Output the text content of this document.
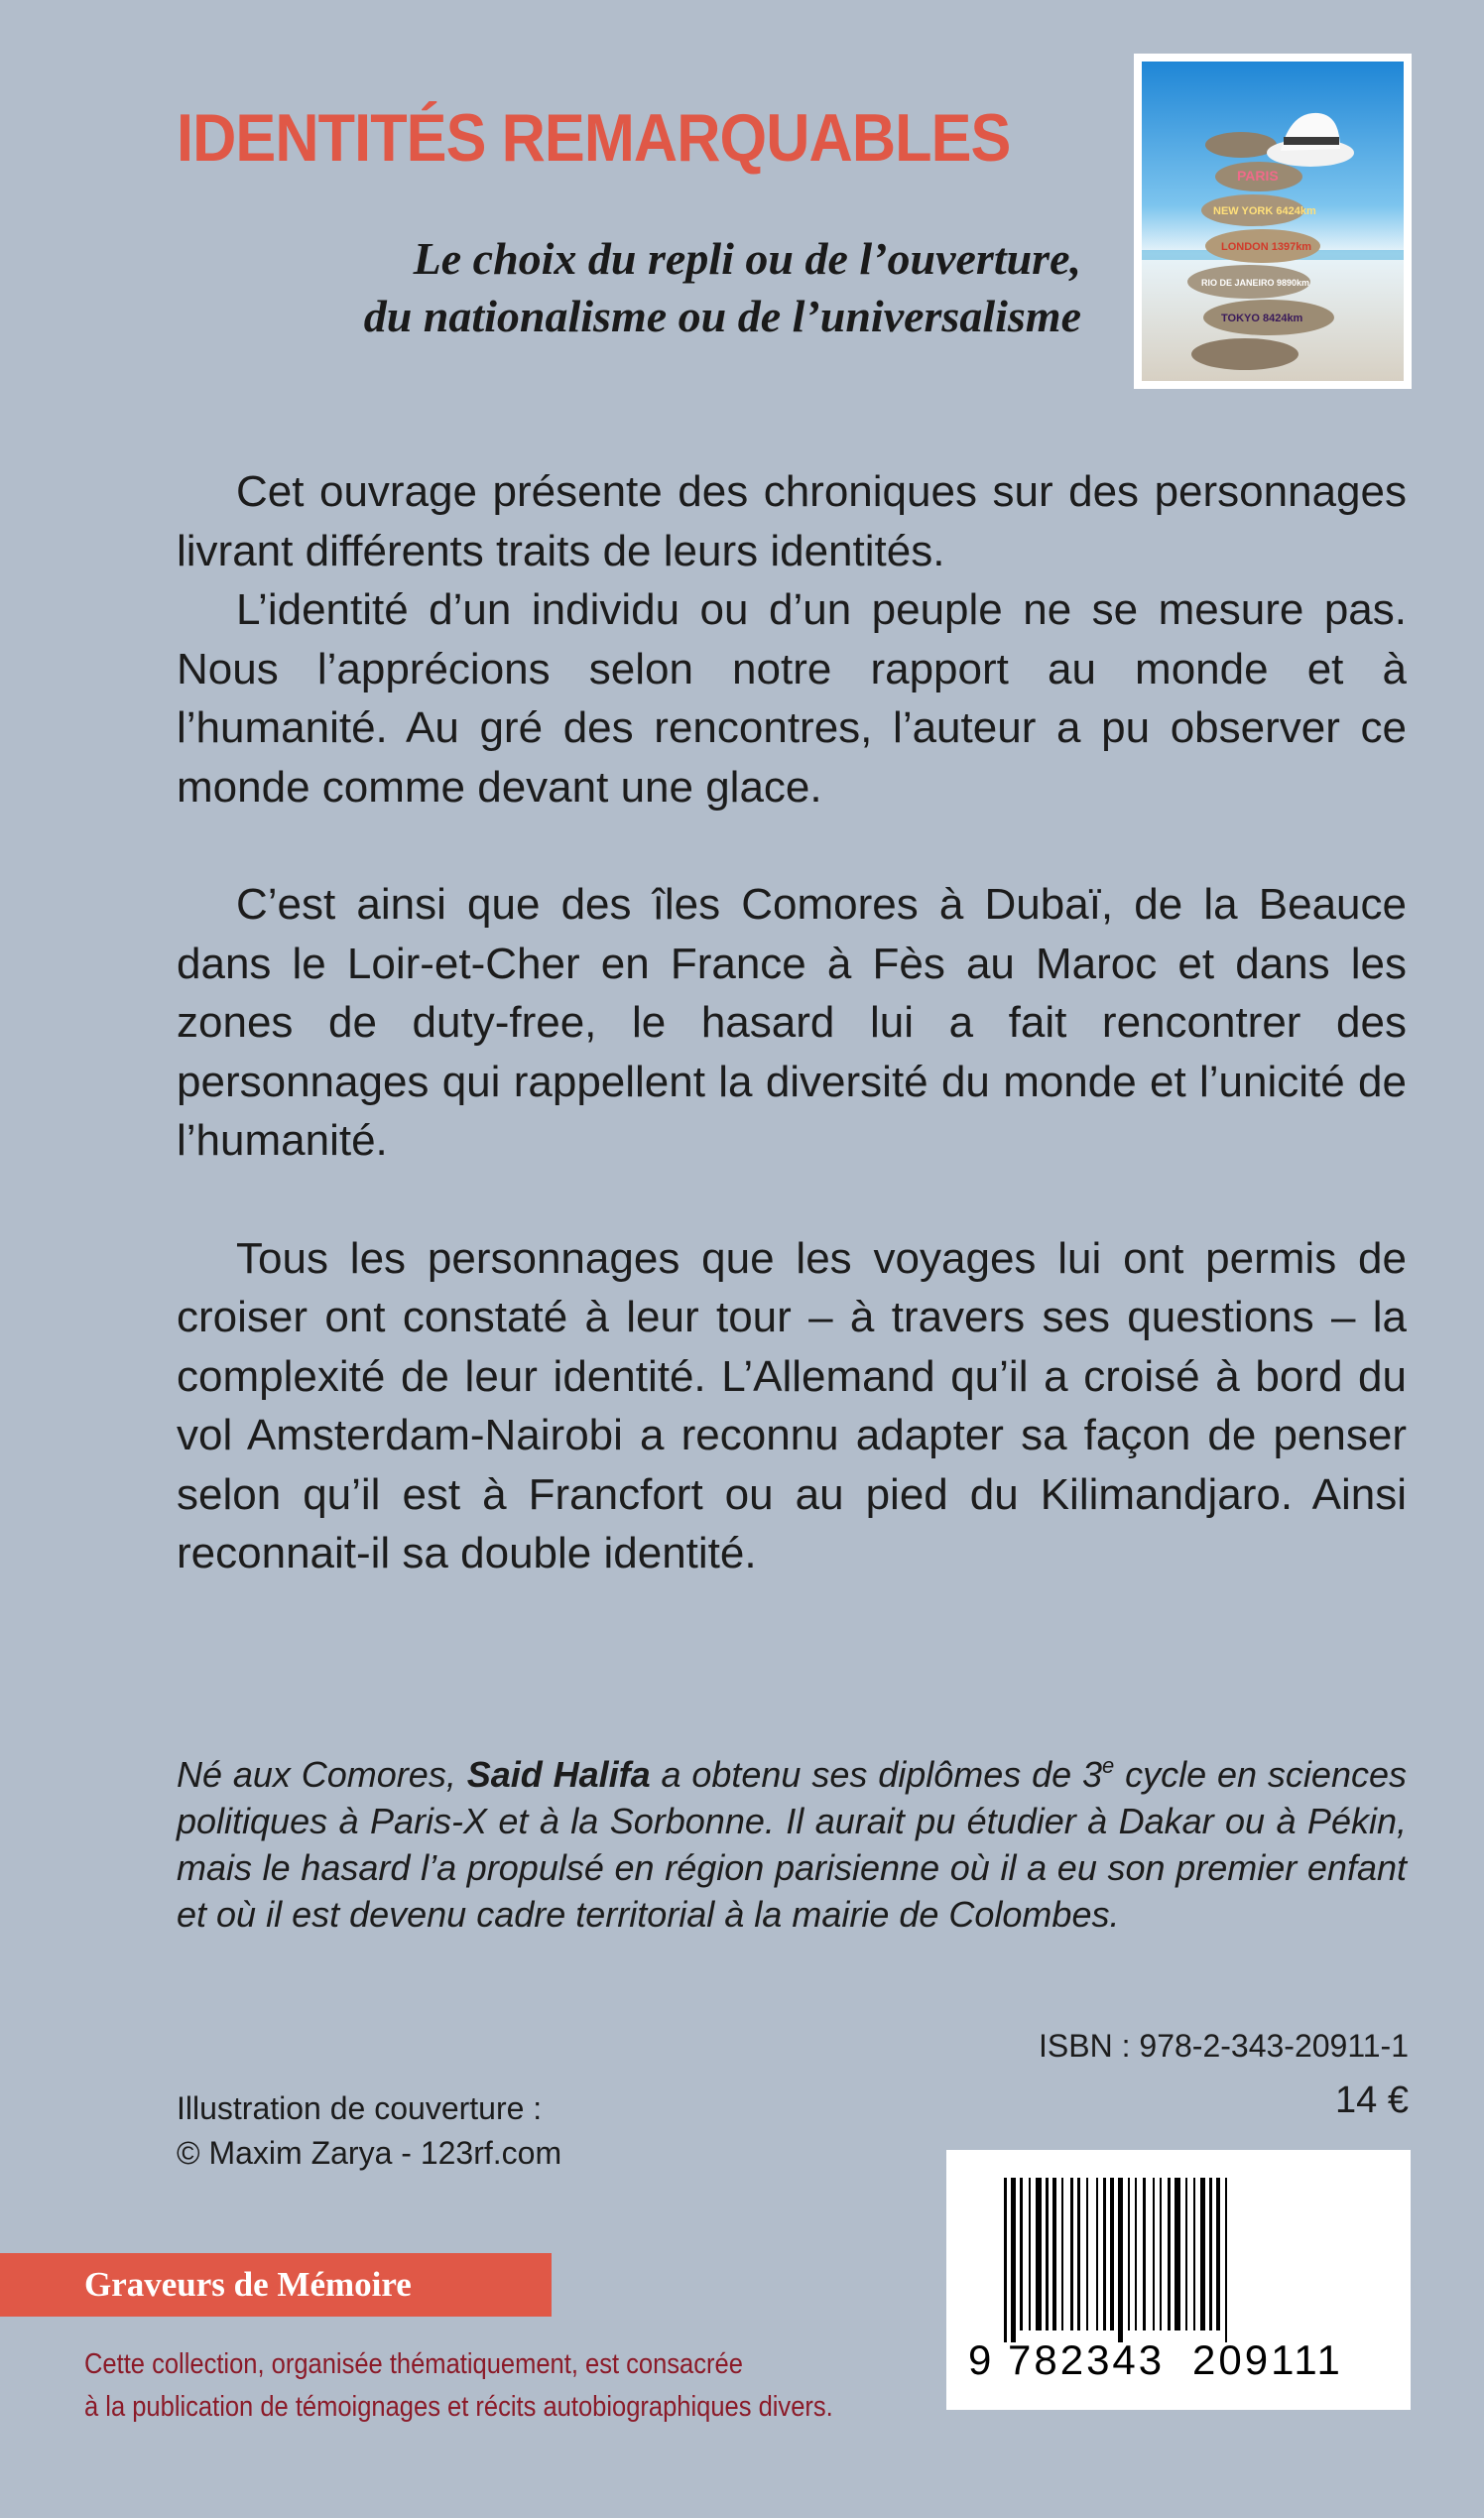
IDENTITÉS REMARQUABLES
Le choix du repli ou de l’ouverture,
du nationalisme ou de l’universalisme
PARIS
NEW YORK 6424km
LONDON 1397km
RIO DE JANEIRO 9890km
TOKYO 8424km

Cet ouvrage présente des chroniques sur des personnages livrant différents traits de leurs identités.

L’identité d’un individu ou d’un peuple ne se mesure pas. Nous l’apprécions selon notre rapport au monde et à l’humanité. Au gré des rencontres, l’auteur a pu observer ce monde comme devant une glace.

C’est ainsi que des îles Comores à Dubaï, de la Beauce dans le Loir-et-Cher en France à Fès au Maroc et dans les zones de duty-free, le hasard lui a fait rencontrer des personnages qui rappellent la diversité du monde et l’unicité de l’humanité.

Tous les personnages que les voyages lui ont permis de croiser ont constaté à leur tour – à travers ses questions – la complexité de leur identité. L’Allemand qu’il a croisé à bord du vol Amsterdam-Nairobi a reconnu adapter sa façon de penser selon qu’il est à Francfort ou au pied du Kilimandjaro. Ainsi reconnait-il sa double identité.

Né aux Comores, Said Halifa a obtenu ses diplômes de 3e cycle en sciences politiques à Paris-X et à la Sorbonne. Il aurait pu étudier à Dakar ou à Pékin, mais le hasard l’a propulsé en région parisienne où il a eu son premier enfant et où il est devenu cadre territorial à la mairie de Colombes.
ISBN : 978-2-343-20911-1
14 €
Illustration de couverture :
© Maxim Zarya - 123rf.com
9 782343 209111
Graveurs de Mémoire
Cette collection, organisée thématiquement, est consacrée
à la publication de témoignages et récits autobiographiques divers.
